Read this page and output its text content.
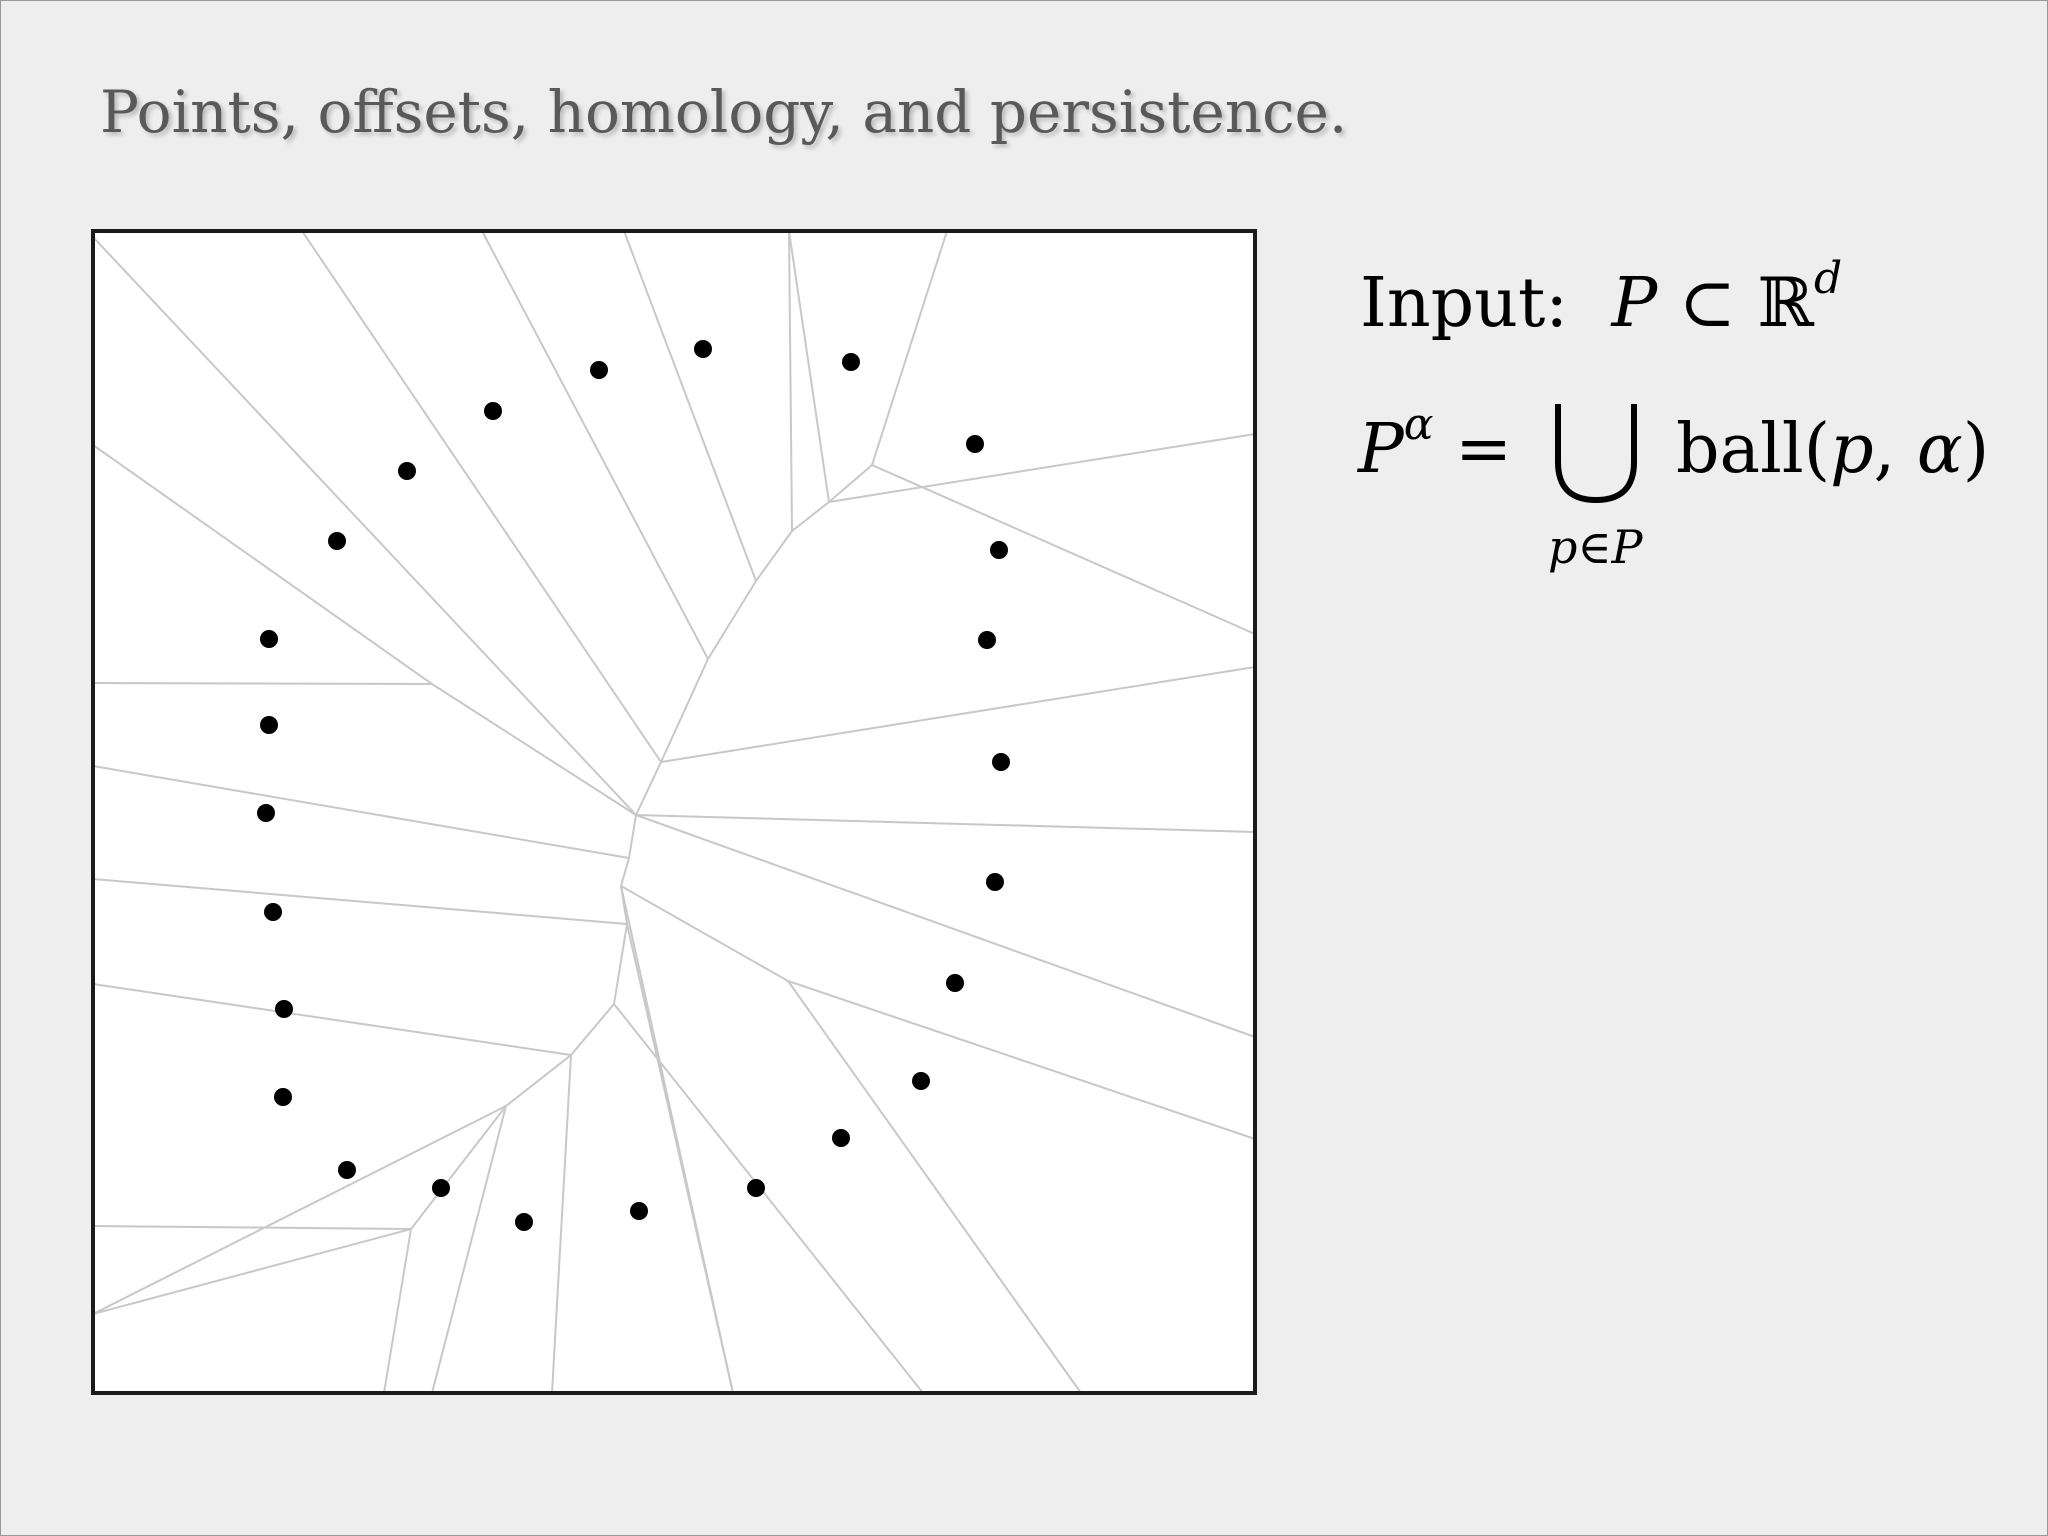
Points, offsets, homology, and persistence.
Input: P ⊂ ℝ$^d$
$P^\alpha$ =
p∈P
ball(p, α)
